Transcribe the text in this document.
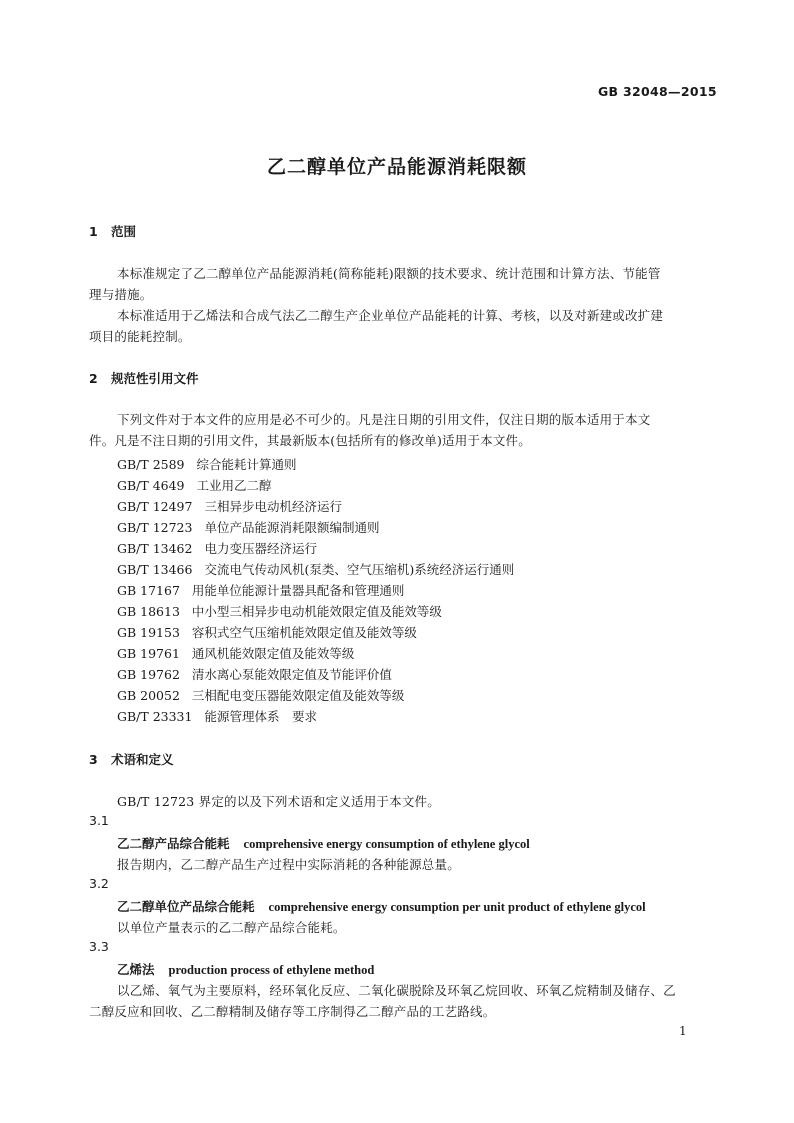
GB 32048—2015
乙二醇单位产品能源消耗限额
1 范围
本标准规定了乙二醇单位产品能源消耗(简称能耗)限额的技术要求、统计范围和计算方法、节能管
理与措施。
本标准适用于乙烯法和合成气法乙二醇生产企业单位产品能耗的计算、考核，以及对新建或改扩建
项目的能耗控制。
2 规范性引用文件
下列文件对于本文件的应用是必不可少的。凡是注日期的引用文件，仅注日期的版本适用于本文
件。凡是不注日期的引用文件，其最新版本(包括所有的修改单)适用于本文件。
GB/T 2589 综合能耗计算通则
GB/T 4649 工业用乙二醇
GB/T 12497 三相异步电动机经济运行
GB/T 12723 单位产品能源消耗限额编制通则
GB/T 13462 电力变压器经济运行
GB/T 13466 交流电气传动风机(泵类、空气压缩机)系统经济运行通则
GB 17167 用能单位能源计量器具配备和管理通则
GB 18613 中小型三相异步电动机能效限定值及能效等级
GB 19153 容积式空气压缩机能效限定值及能效等级
GB 19761 通风机能效限定值及能效等级
GB 19762 清水离心泵能效限定值及节能评价值
GB 20052 三相配电变压器能效限定值及能效等级
GB/T 23331 能源管理体系　要求
3 术语和定义
GB/T 12723 界定的以及下列术语和定义适用于本文件。
3.1
乙二醇产品综合能耗 comprehensive energy consumption of ethylene glycol
报告期内，乙二醇产品生产过程中实际消耗的各种能源总量。
3.2
乙二醇单位产品综合能耗 comprehensive energy consumption per unit product of ethylene glycol
以单位产量表示的乙二醇产品综合能耗。
3.3
乙烯法 production process of ethylene method
以乙烯、氧气为主要原料，经环氧化反应、二氧化碳脱除及环氧乙烷回收、环氧乙烷精制及储存、乙
二醇反应和回收、乙二醇精制及储存等工序制得乙二醇产品的工艺路线。
1
